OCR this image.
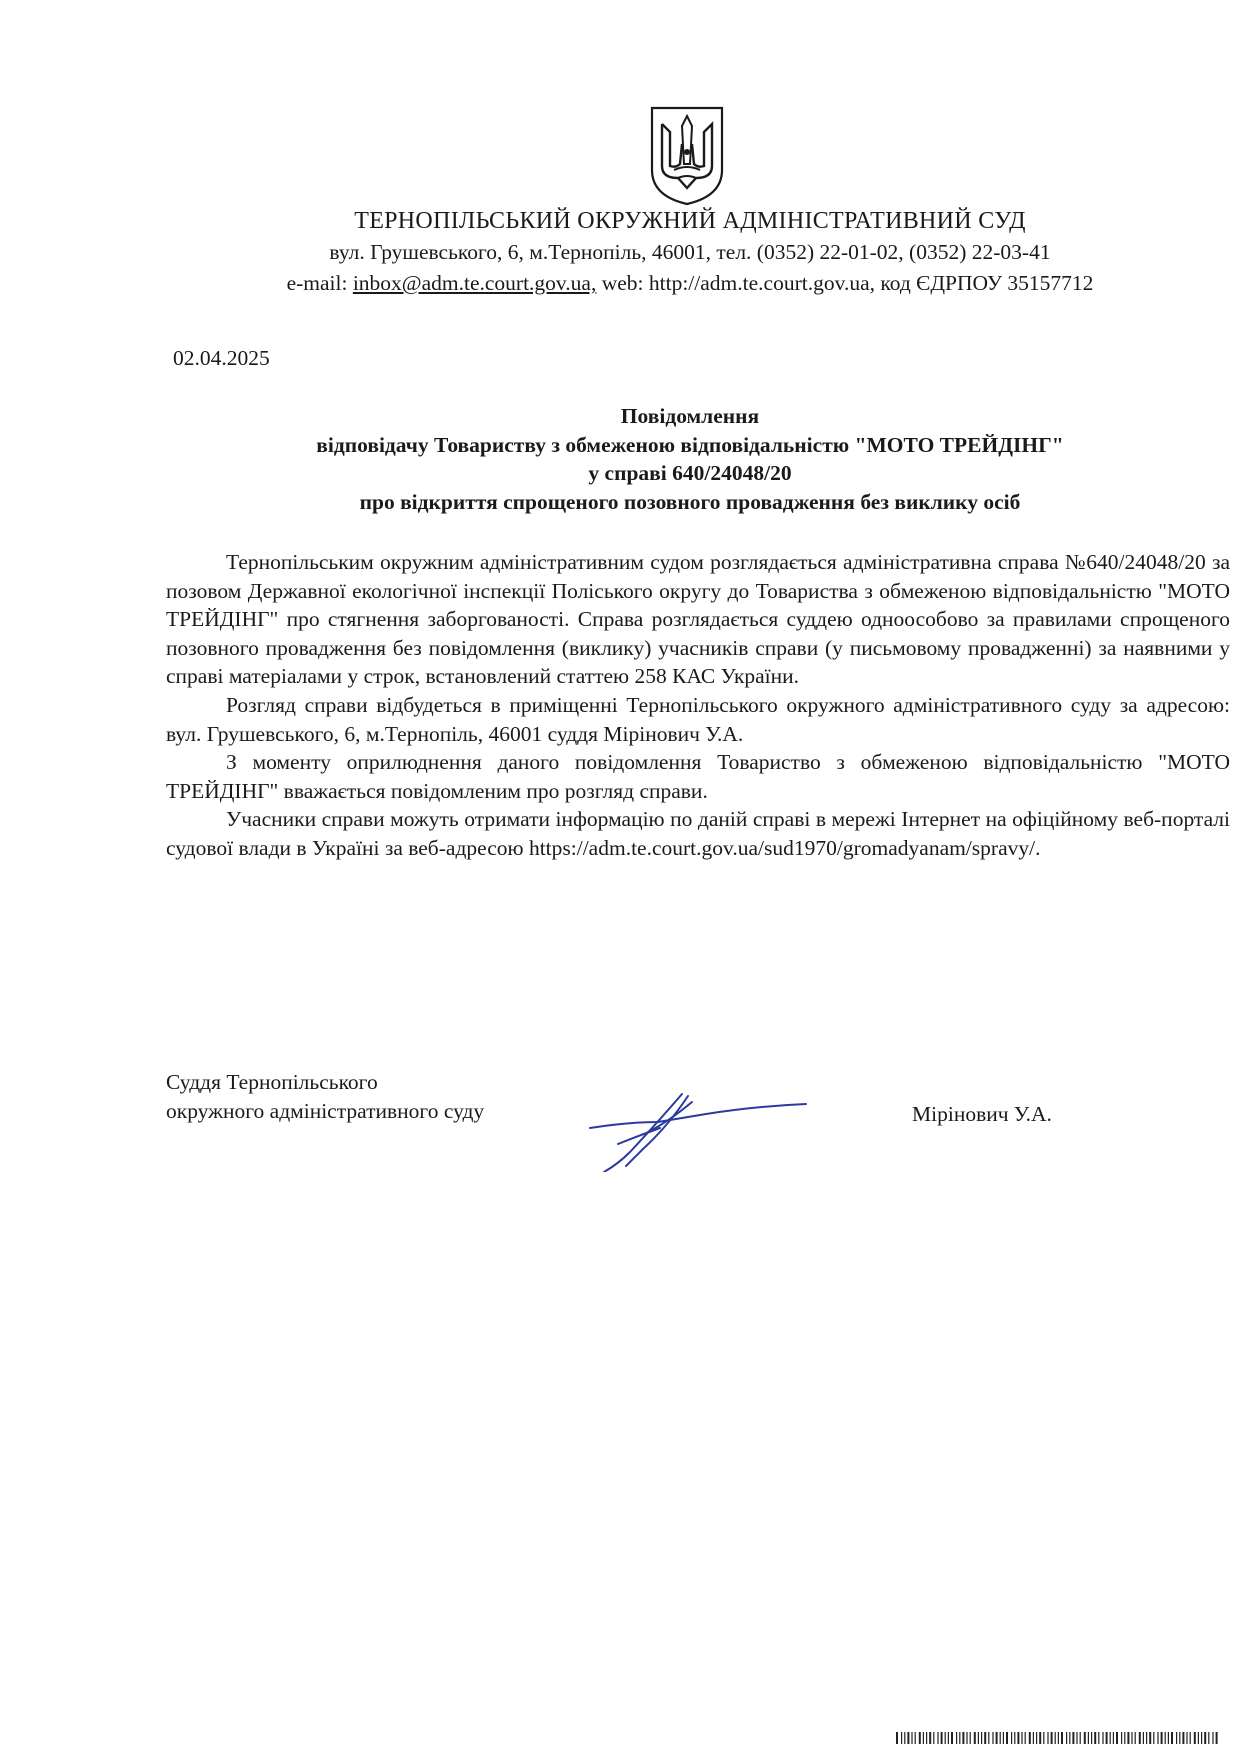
ТЕРНОПІЛЬСЬКИЙ ОКРУЖНИЙ АДМІНІСТРАТИВНИЙ СУД
вул. Грушевського, 6, м.Тернопіль, 46001, тел. (0352) 22-01-02, (0352) 22-03-41
e-mail: inbox@adm.te.court.gov.ua, web: http://adm.te.court.gov.ua, код ЄДРПОУ 35157712
02.04.2025
Повідомлення
відповідачу Товариству з обмеженою відповідальністю "МОТО ТРЕЙДІНГ"
у справі 640/24048/20
про відкриття спрощеного позовного провадження без виклику осіб

Тернопільським окружним адміністративним судом розглядається адміністративна справа №640/24048/20 за позовом Державної екологічної інспекції Поліського округу до Товариства з обмеженою відповідальністю "МОТО ТРЕЙДІНГ" про стягнення заборгованості. Справа розглядається суддею одноособово за правилами спрощеного позовного провадження без повідомлення (виклику) учасників справи (у письмовому провадженні) за наявними у справі матеріалами у строк, встановлений статтею 258 КАС України.

Розгляд справи відбудеться в приміщенні Тернопільського окружного адміністративного суду за адресою: вул. Грушевського, 6, м.Тернопіль, 46001 суддя Мірінович У.А.

З моменту оприлюднення даного повідомлення Товариство з обмеженою відповідальністю "МОТО ТРЕЙДІНГ" вважається повідомленим про розгляд справи.

Учасники справи можуть отримати інформацію по даній справі в мережі Інтернет на офіційному веб-порталі судової влади в Україні за веб-адресою https://adm.te.court.gov.ua/sud1970/gromadyanam/spravy/.

Суддя Тернопільського
окружного адміністративного суду	Мірінович У.А.
